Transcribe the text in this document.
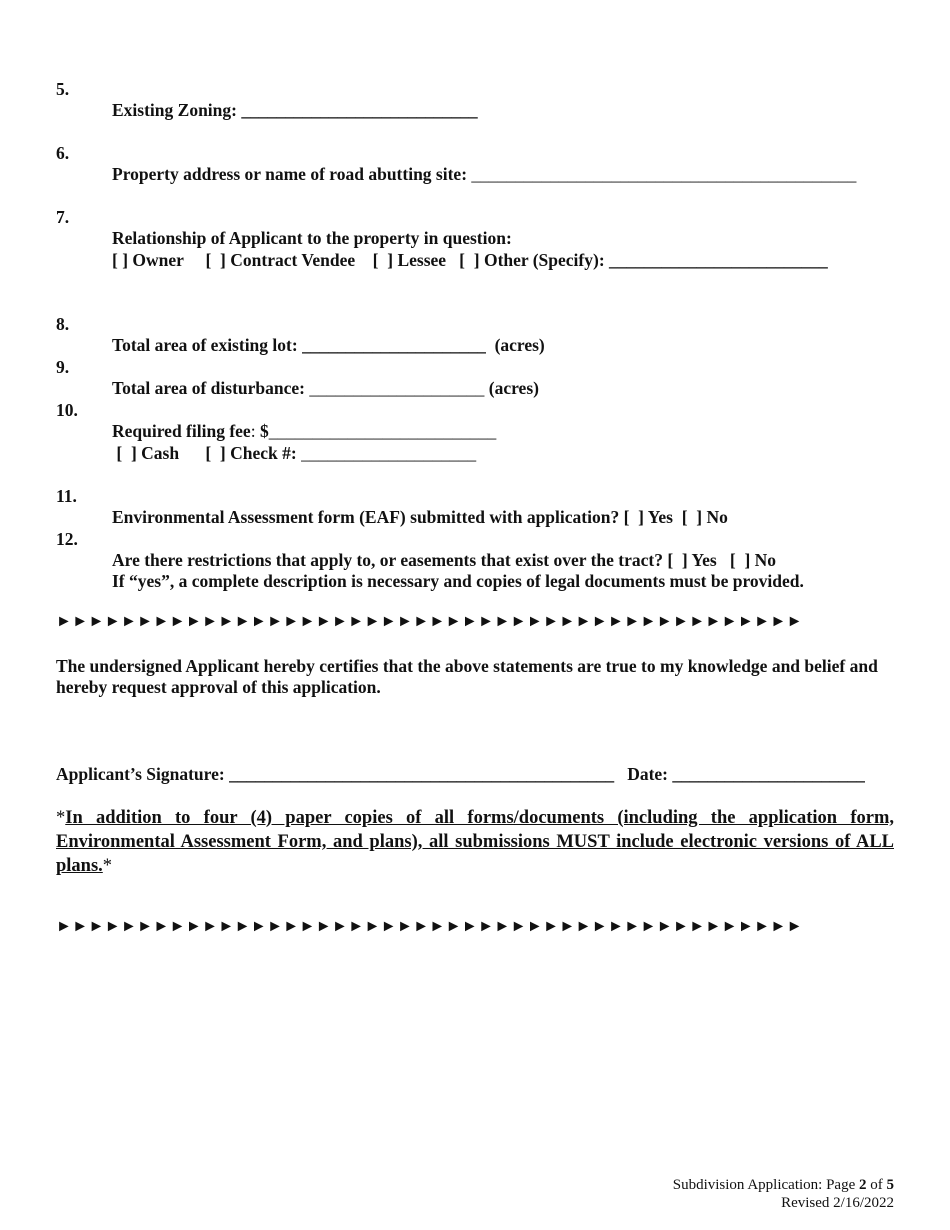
5.

Existing Zoning: ___________________________

6.

Property address or name of road abutting site: ____________________________________________

7.

Relationship of Applicant to the property in question:

[ ] Owner     [  ] Contract Vendee    [  ] Lessee   [  ] Other (Specify): _________________________

8.

Total area of existing lot: _____________________  (acres)

9.

Total area of disturbance: ____________________ (acres)

10.

Required filing fee: $__________________________

[  ] Cash      [  ] Check #: ____________________

11.

Environmental Assessment form (EAF) submitted with application? [  ] Yes  [  ] No

12.

Are there restrictions that apply to, or easements that exist over the tract? [  ] Yes   [  ] No

If “yes”, a complete description is necessary and copies of legal documents must be provided.

►►►►►►►►►►►►►►►►►►►►►►►►►►►►►►►►►►►►►►►►►►►►►►
The undersigned Applicant hereby certifies that the above statements are true to my knowledge and belief and hereby request approval of this application.

Applicant’s Signature: ____________________________________________   Date: ______________________

*In addition to four (4) paper copies of all forms/documents (including the application form, Environmental Assessment Form, and plans), all submissions MUST include electronic versions of ALL plans.*
►►►►►►►►►►►►►►►►►►►►►►►►►►►►►►►►►►►►►►►►►►►►►►
Subdivision Application: Page 2 of 5
Revised 2/16/2022
